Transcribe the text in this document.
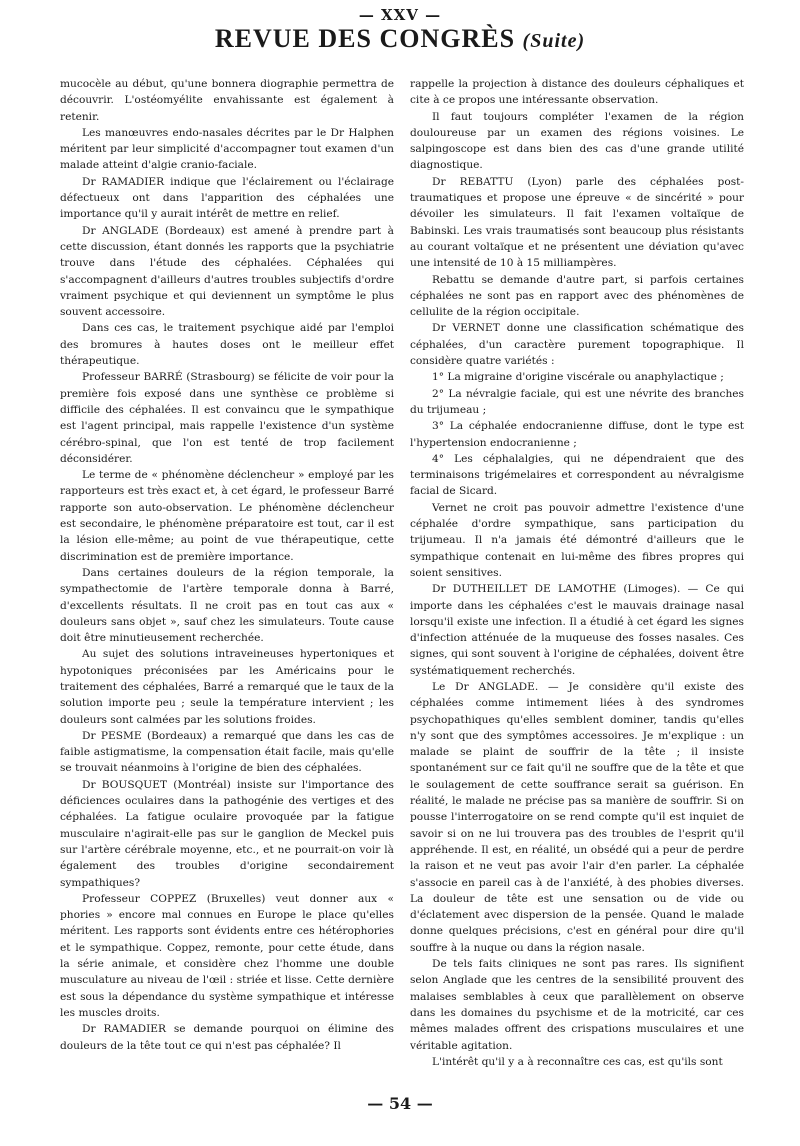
— XXV —
REVUE DES CONGRÈS (Suite)

mucocèle au début, qu'une bonnera diographie permettra de découvrir. L'ostéomyélite envahissante est également à retenir.

Les manœuvres endo-nasales décrites par le Dr Halphen méritent par leur simplicité d'accompagner tout examen d'un malade atteint d'algie cranio-faciale.

Dr RAMADIER indique que l'éclairement ou l'éclairage défectueux ont dans l'apparition des céphalées une importance qu'il y aurait intérêt de mettre en relief.

Dr ANGLADE (Bordeaux) est amené à prendre part à cette discussion, étant donnés les rapports que la psychiatrie trouve dans l'étude des céphalées. Céphalées qui s'accompagnent d'ailleurs d'autres troubles subjectifs d'ordre vraiment psychique et qui deviennent un symptôme le plus souvent accessoire.

Dans ces cas, le traitement psychique aidé par l'emploi des bromures à hautes doses ont le meilleur effet thérapeutique.

Professeur BARRÉ (Strasbourg) se félicite de voir pour la première fois exposé dans une synthèse ce problème si difficile des céphalées. Il est convaincu que le sympathique est l'agent principal, mais rappelle l'existence d'un système cérébro-spinal, que l'on est tenté de trop facilement déconsidérer.

Le terme de « phénomène déclencheur » employé par les rapporteurs est très exact et, à cet égard, le professeur Barré rapporte son auto-observation. Le phénomène déclencheur est secondaire, le phénomène préparatoire est tout, car il est la lésion elle-même; au point de vue thérapeutique, cette discrimination est de première importance.

Dans certaines douleurs de la région temporale, la sympathectomie de l'artère temporale donna à Barré, d'excellents résultats. Il ne croit pas en tout cas aux « douleurs sans objet », sauf chez les simulateurs. Toute cause doit être minutieusement recherchée.

Au sujet des solutions intraveineuses hypertoniques et hypotoniques préconisées par les Américains pour le traitement des céphalées, Barré a remarqué que le taux de la solution importe peu ; seule la température intervient ; les douleurs sont calmées par les solutions froides.

Dr PESME (Bordeaux) a remarqué que dans les cas de faible astigmatisme, la compensation était facile, mais qu'elle se trouvait néanmoins à l'origine de bien des céphalées.

Dr BOUSQUET (Montréal) insiste sur l'importance des déficiences oculaires dans la pathogénie des vertiges et des céphalées. La fatigue oculaire provoquée par la fatigue musculaire n'agirait-elle pas sur le ganglion de Meckel puis sur l'artère cérébrale moyenne, etc., et ne pourrait-on voir là également des troubles d'origine secondairement sympathiques?

Professeur COPPEZ (Bruxelles) veut donner aux « phories » encore mal connues en Europe le place qu'elles méritent. Les rapports sont évidents entre ces hétérophories et le sympathique. Coppez, remonte, pour cette étude, dans la série animale, et considère chez l'homme une double musculature au niveau de l'œil : striée et lisse. Cette dernière est sous la dépendance du système sympathique et intéresse les muscles droits.

Dr RAMADIER se demande pourquoi on élimine des douleurs de la tête tout ce qui n'est pas céphalée? Il

rappelle la projection à distance des douleurs céphaliques et cite à ce propos une intéressante observation.

Il faut toujours compléter l'examen de la région douloureuse par un examen des régions voisines. Le salpingoscope est dans bien des cas d'une grande utilité diagnostique.

Dr REBATTU (Lyon) parle des céphalées post-traumatiques et propose une épreuve « de sincérité » pour dévoiler les simulateurs. Il fait l'examen voltaïque de Babinski. Les vrais traumatisés sont beaucoup plus résistants au courant voltaïque et ne présentent une déviation qu'avec une intensité de 10 à 15 milliampères.

Rebattu se demande d'autre part, si parfois certaines céphalées ne sont pas en rapport avec des phénomènes de cellulite de la région occipitale.

Dr VERNET donne une classification schématique des céphalées, d'un caractère purement topographique. Il considère quatre variétés :

1° La migraine d'origine viscérale ou anaphylactique ;

2° La névralgie faciale, qui est une névrite des branches du trijumeau ;

3° La céphalée endocranienne diffuse, dont le type est l'hypertension endocranienne ;

4° Les céphalalgies, qui ne dépendraient que des terminaisons trigémelaires et correspondent au névralgisme facial de Sicard.

Vernet ne croit pas pouvoir admettre l'existence d'une céphalée d'ordre sympathique, sans participation du trijumeau. Il n'a jamais été démontré d'ailleurs que le sympathique contenait en lui-même des fibres propres qui soient sensitives.

Dr DUTHEILLET DE LAMOTHE (Limoges). — Ce qui importe dans les céphalées c'est le mauvais drainage nasal lorsqu'il existe une infection. Il a étudié à cet égard les signes d'infection atténuée de la muqueuse des fosses nasales. Ces signes, qui sont souvent à l'origine de céphalées, doivent être systématiquement recherchés.

Le Dr ANGLADE. — Je considère qu'il existe des céphalées comme intimement liées à des syndromes psychopathiques qu'elles semblent dominer, tandis qu'elles n'y sont que des symptômes accessoires. Je m'explique : un malade se plaint de souffrir de la tête ; il insiste spontanément sur ce fait qu'il ne souffre que de la tête et que le soulagement de cette souffrance serait sa guérison. En réalité, le malade ne précise pas sa manière de souffrir. Si on pousse l'interrogatoire on se rend compte qu'il est inquiet de savoir si on ne lui trouvera pas des troubles de l'esprit qu'il appréhende. Il est, en réalité, un obsédé qui a peur de perdre la raison et ne veut pas avoir l'air d'en parler. La céphalée s'associe en pareil cas à de l'anxiété, à des phobies diverses. La douleur de tête est une sensation ou de vide ou d'éclatement avec dispersion de la pensée. Quand le malade donne quelques précisions, c'est en général pour dire qu'il souffre à la nuque ou dans la région nasale.

De tels faits cliniques ne sont pas rares. Ils signifient selon Anglade que les centres de la sensibilité prouvent des malaises semblables à ceux que parallèlement on observe dans les domaines du psychisme et de la motricité, car ces mêmes malades offrent des crispations musculaires et une véritable agitation.

L'intérêt qu'il y a à reconnaître ces cas, est qu'ils sont

— 54 —
